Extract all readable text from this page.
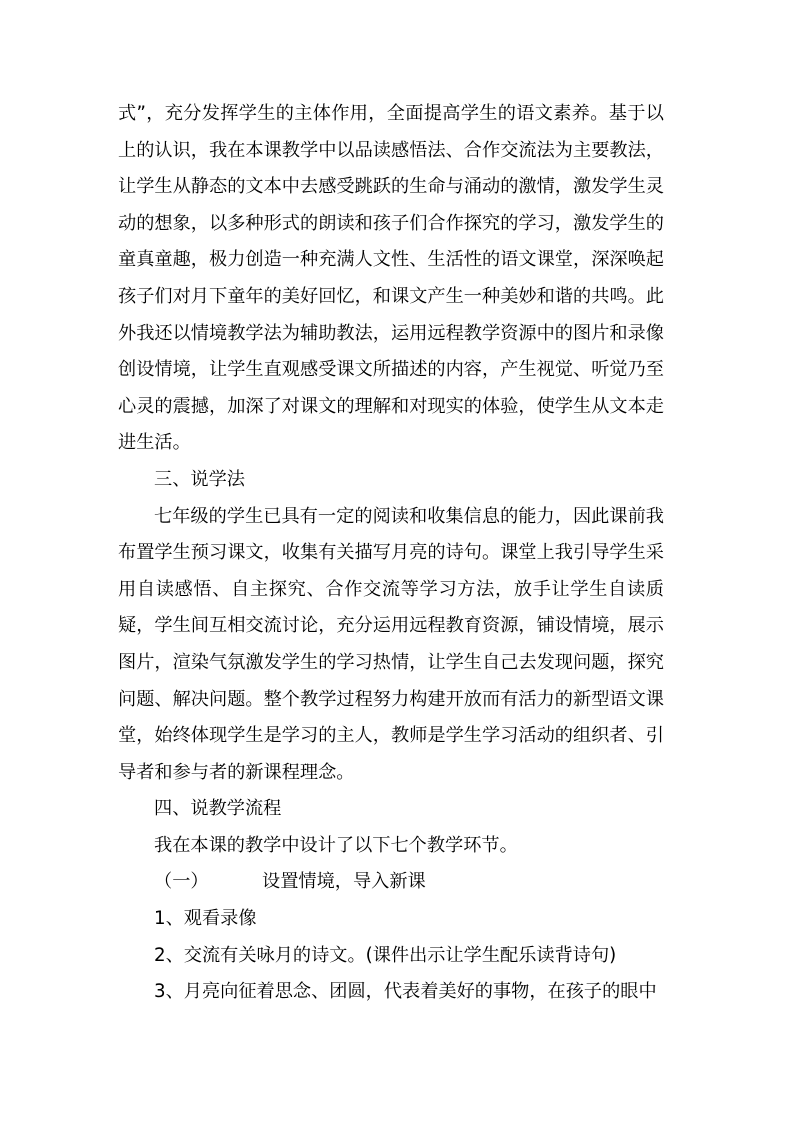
式”，充分发挥学生的主体作用，全面提高学生的语文素养。基于以上的认识，我在本课教学中以品读感悟法、合作交流法为主要教法，让学生从静态的文本中去感受跳跃的生命与涌动的激情，激发学生灵动的想象，以多种形式的朗读和孩子们合作探究的学习，激发学生的童真童趣，极力创造一种充满人文性、生活性的语文课堂，深深唤起孩子们对月下童年的美好回忆，和课文产生一种美妙和谐的共鸣。此外我还以情境教学法为辅助教法，运用远程教学资源中的图片和录像创设情境，让学生直观感受课文所描述的内容，产生视觉、听觉乃至心灵的震撼，加深了对课文的理解和对现实的体验，使学生从文本走进生活。

三、说学法

七年级的学生已具有一定的阅读和收集信息的能力，因此课前我布置学生预习课文，收集有关描写月亮的诗句。课堂上我引导学生采用自读感悟、自主探究、合作交流等学习方法，放手让学生自读质疑，学生间互相交流讨论，充分运用远程教育资源，铺设情境，展示图片，渲染气氛激发学生的学习热情，让学生自己去发现问题，探究问题、解决问题。整个教学过程努力构建开放而有活力的新型语文课堂，始终体现学生是学习的主人，教师是学生学习活动的组织者、引导者和参与者的新课程理念。

四、说教学流程

我在本课的教学中设计了以下七个教学环节。

（一）	设置情境，导入新课

1、观看录像

2、交流有关咏月的诗文。(课件出示让学生配乐读背诗句)

3、月亮向征着思念、团圆，代表着美好的事物，在孩子的眼中
